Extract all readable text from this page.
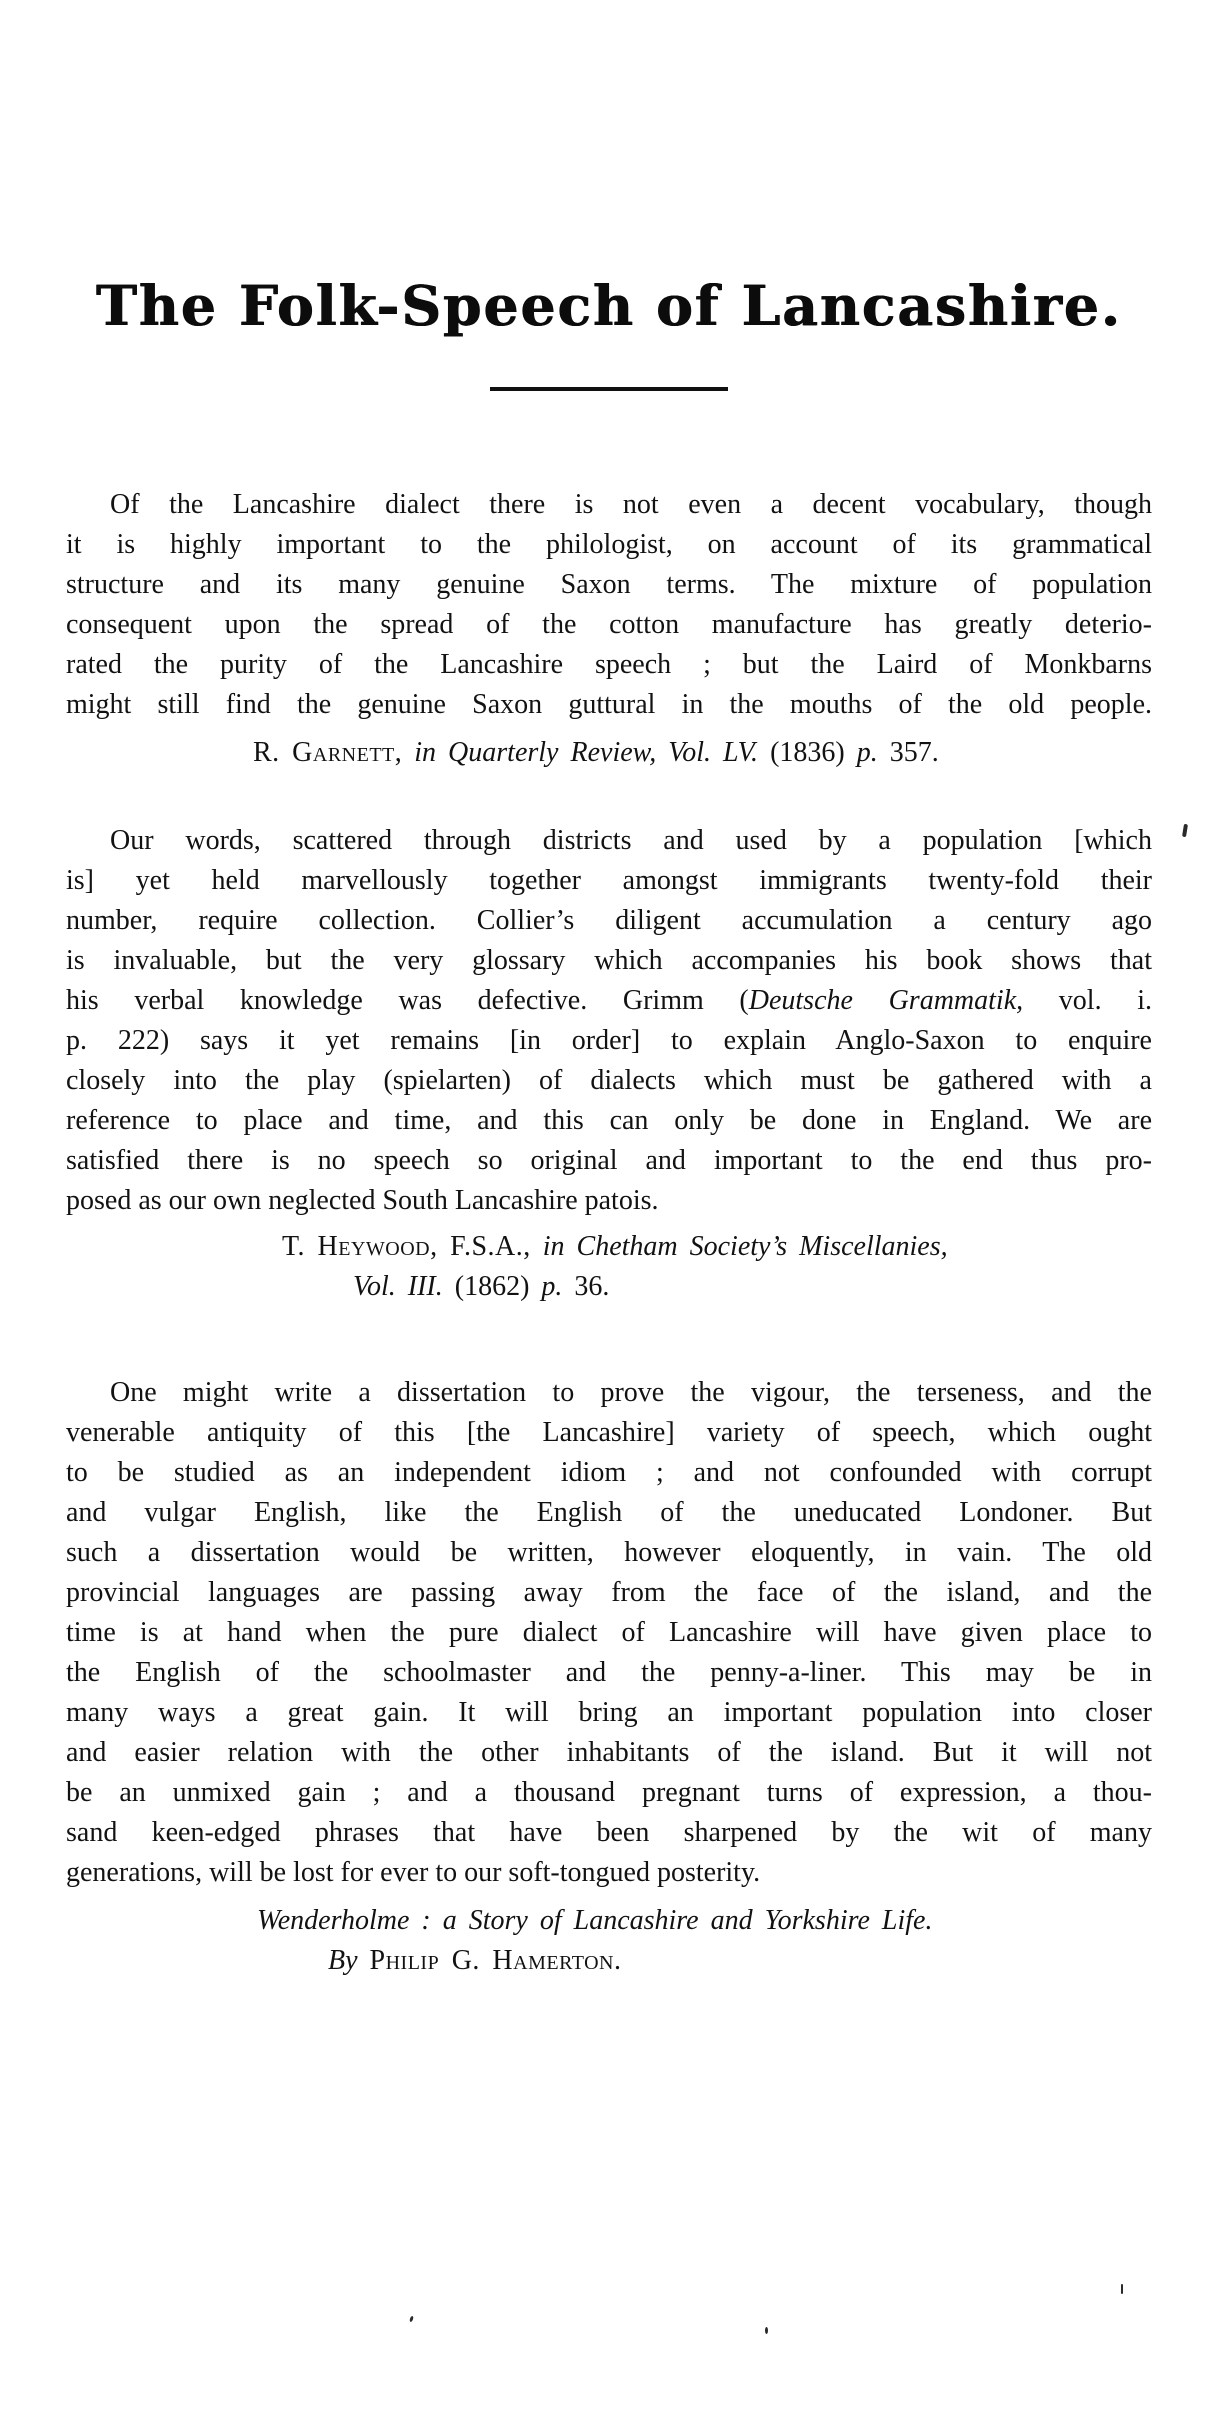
The Folk-Speech of Lancashire.
Of the Lancashire dialect there is not even a decent vocabulary, though
it is highly important to the philologist, on account of its grammatical
structure and its many genuine Saxon terms. The mixture of population
consequent upon the spread of the cotton manufacture has greatly deterio-
rated the purity of the Lancashire speech ; but the Laird of Monkbarns
might still find the genuine Saxon guttural in the mouths of the old people.
R. Garnett, in Quarterly Review, Vol. LV. (1836) p. 357.
Our words, scattered through districts and used by a population [which
is] yet held marvellously together amongst immigrants twenty-fold their
number, require collection. Collier’s diligent accumulation a century ago
is invaluable, but the very glossary which accompanies his book shows that
his verbal knowledge was defective. Grimm (Deutsche Grammatik, vol. i.
p. 222) says it yet remains [in order] to explain Anglo-Saxon to enquire
closely into the play (spielarten) of dialects which must be gathered with a
reference to place and time, and this can only be done in England. We are
satisfied there is no speech so original and important to the end thus pro-
posed as our own neglected South Lancashire patois.
T. Heywood, F.S.A., in Chetham Society’s Miscellanies,
Vol. III. (1862) p. 36.
One might write a dissertation to prove the vigour, the terseness, and the
venerable antiquity of this [the Lancashire] variety of speech, which ought
to be studied as an independent idiom ; and not confounded with corrupt
and vulgar English, like the English of the uneducated Londoner. But
such a dissertation would be written, however eloquently, in vain. The old
provincial languages are passing away from the face of the island, and the
time is at hand when the pure dialect of Lancashire will have given place to
the English of the schoolmaster and the penny-a-liner. This may be in
many ways a great gain. It will bring an important population into closer
and easier relation with the other inhabitants of the island. But it will not
be an unmixed gain ; and a thousand pregnant turns of expression, a thou-
sand keen-edged phrases that have been sharpened by the wit of many
generations, will be lost for ever to our soft-tongued posterity.
Wenderholme : a Story of Lancashire and Yorkshire Life.
By Philip G. Hamerton.
